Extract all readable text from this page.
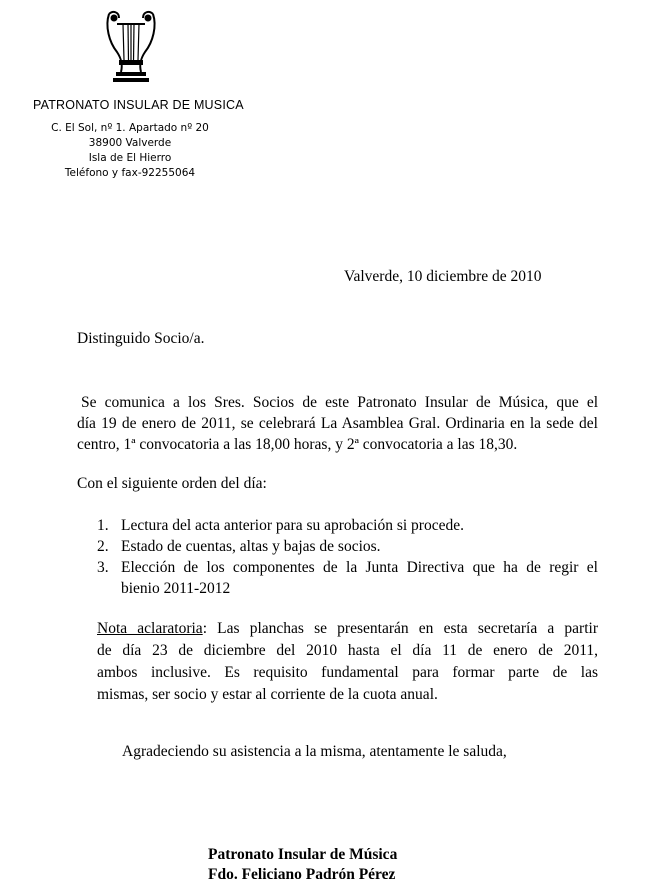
PATRONATO INSULAR DE MUSICA
C. El Sol, nº 1. Apartado nº 20
38900 Valverde
Isla de El Hierro
Teléfono y fax-92255064
Valverde, 10 diciembre de 2010
Distinguido Socio/a.
Se comunica a los Sres. Socios de este Patronato Insular de Música, que el
día 19 de enero de 2011, se celebrará La Asamblea Gral. Ordinaria en la sede del
centro, 1ª convocatoria a las 18,00 horas, y 2ª convocatoria a las 18,30.
Con el siguiente orden del día:
1. Lectura del acta anterior para su aprobación si procede.
2. Estado de cuentas, altas y bajas de socios.
3. Elección de los componentes de la Junta Directiva que ha de regir el
bienio 2011-2012
Nota aclaratoria: Las planchas se presentarán en esta secretaría a partir
de día 23 de diciembre del 2010 hasta el día 11 de enero de 2011,
ambos inclusive. Es requisito fundamental para formar parte de las
mismas, ser socio y estar al corriente de la cuota anual.
Agradeciendo su asistencia a la misma, atentamente le saluda,
Patronato Insular de Música
Fdo. Feliciano Padrón Pérez
